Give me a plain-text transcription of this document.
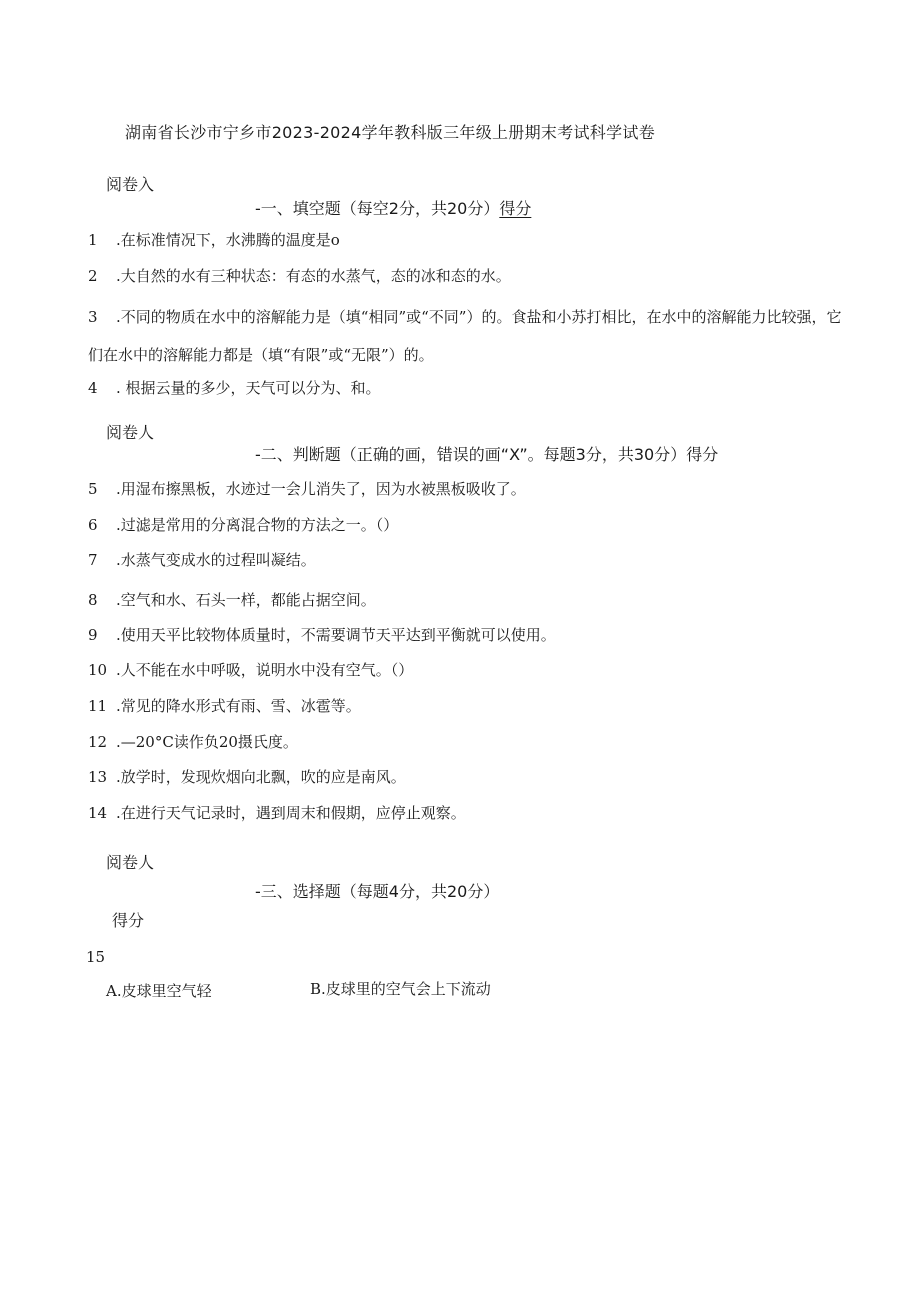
湖南省长沙市宁乡市2023-2024学年教科版三年级上册期末考试科学试卷
阅卷入
-一、填空题（每空2分，共20分）得分
1 .在标准情况下，水沸腾的温度是o
2 .大自然的水有三种状态：有态的水蒸气，态的冰和态的水。

3 .不同的物质在水中的溶解能力是（填“相同”或“不同”）的。食盐和小苏打相比，在水中的溶解能力比较强，它们在水中的溶解能力都是（填“有限”或“无限”）的。

4 . 根据云量的多少，天气可以分为、和。
阅卷人
-二、判断题（正确的画，错误的画“X”。每题3分，共30分）得分
5 .用湿布擦黑板，水迹过一会儿消失了，因为水被黑板吸收了。
6 .过滤是常用的分离混合物的方法之一。（）
7 .水蒸气变成水的过程叫凝结。
8 .空气和水、石头一样，都能占据空间。
9 .使用天平比较物体质量时，不需要调节天平达到平衡就可以使用。
10 .人不能在水中呼吸，说明水中没有空气。（）
11 .常见的降水形式有雨、雪、冰雹等。
12 .—20°C读作负20摄氏度。
13 .放学时，发现炊烟向北飘，吹的应是南风。
14 .在进行天气记录时，遇到周末和假期，应停止观察。
阅卷人
-三、选择题（每题4分，共20分）
得分
15
A.皮球里空气轻	B.皮球里的空气会上下流动
